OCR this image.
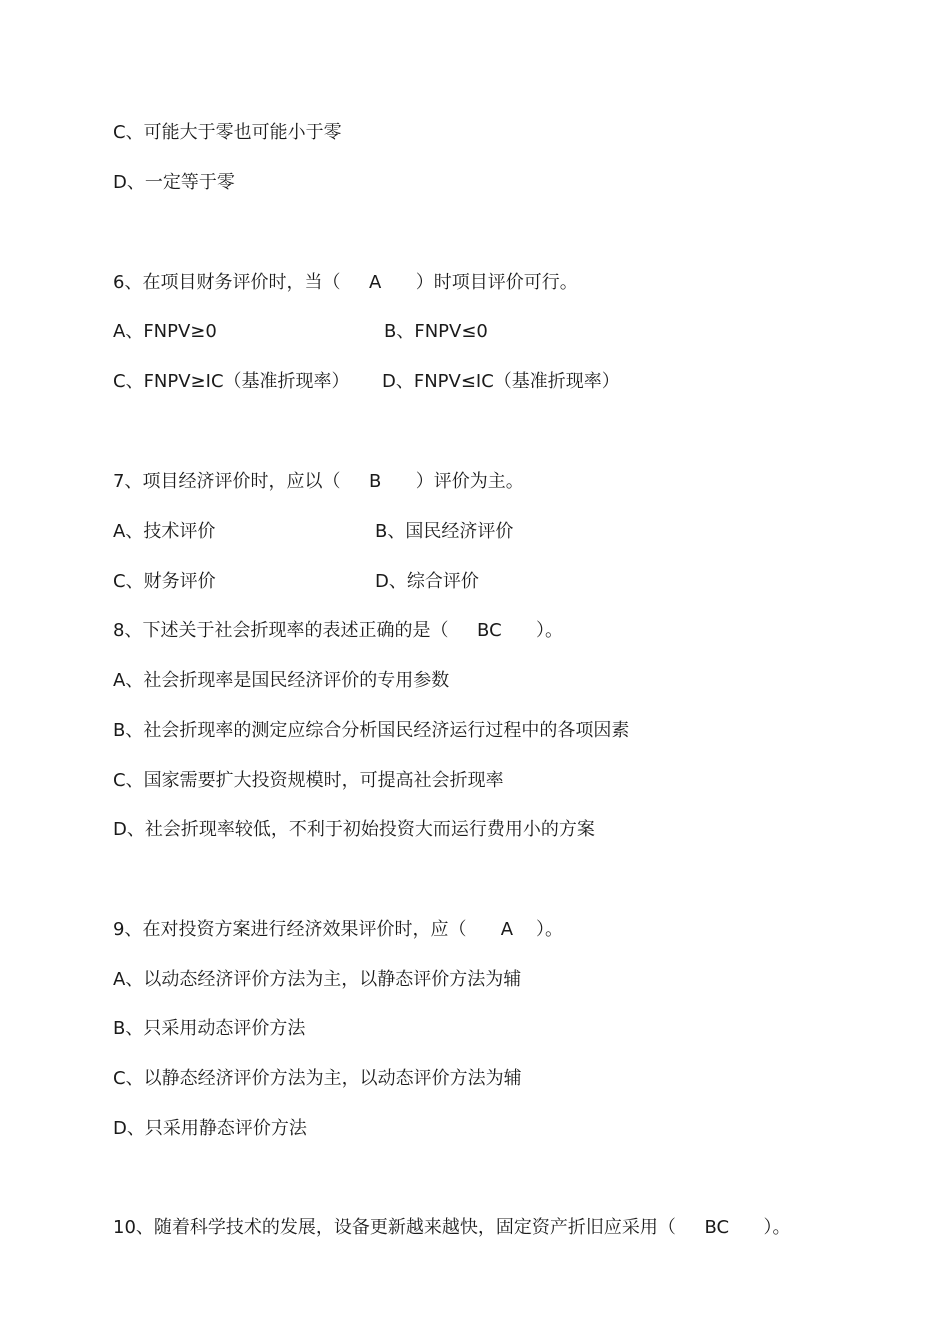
C、可能大于零也可能小于零
D、一定等于零
6、在项目财务评价时，当（     A      ）时项目评价可行。
A、FNPV≥0	B、FNPV≤0
C、FNPV≥IC（基准折现率） D、FNPV≤IC（基准折现率）
7、项目经济评价时，应以（     B      ）评价为主。
A、技术评价	B、国民经济评价
C、财务评价	D、综合评价
8、下述关于社会折现率的表述正确的是（     BC      ）。
A、社会折现率是国民经济评价的专用参数
B、社会折现率的测定应综合分析国民经济运行过程中的各项因素
C、国家需要扩大投资规模时，可提高社会折现率
D、社会折现率较低，不利于初始投资大而运行费用小的方案
9、在对投资方案进行经济效果评价时，应（      A    ）。
A、以动态经济评价方法为主，以静态评价方法为辅
B、只采用动态评价方法
C、以静态经济评价方法为主，以动态评价方法为辅
D、只采用静态评价方法
10、随着科学技术的发展，设备更新越来越快，固定资产折旧应采用（     BC      ）。
